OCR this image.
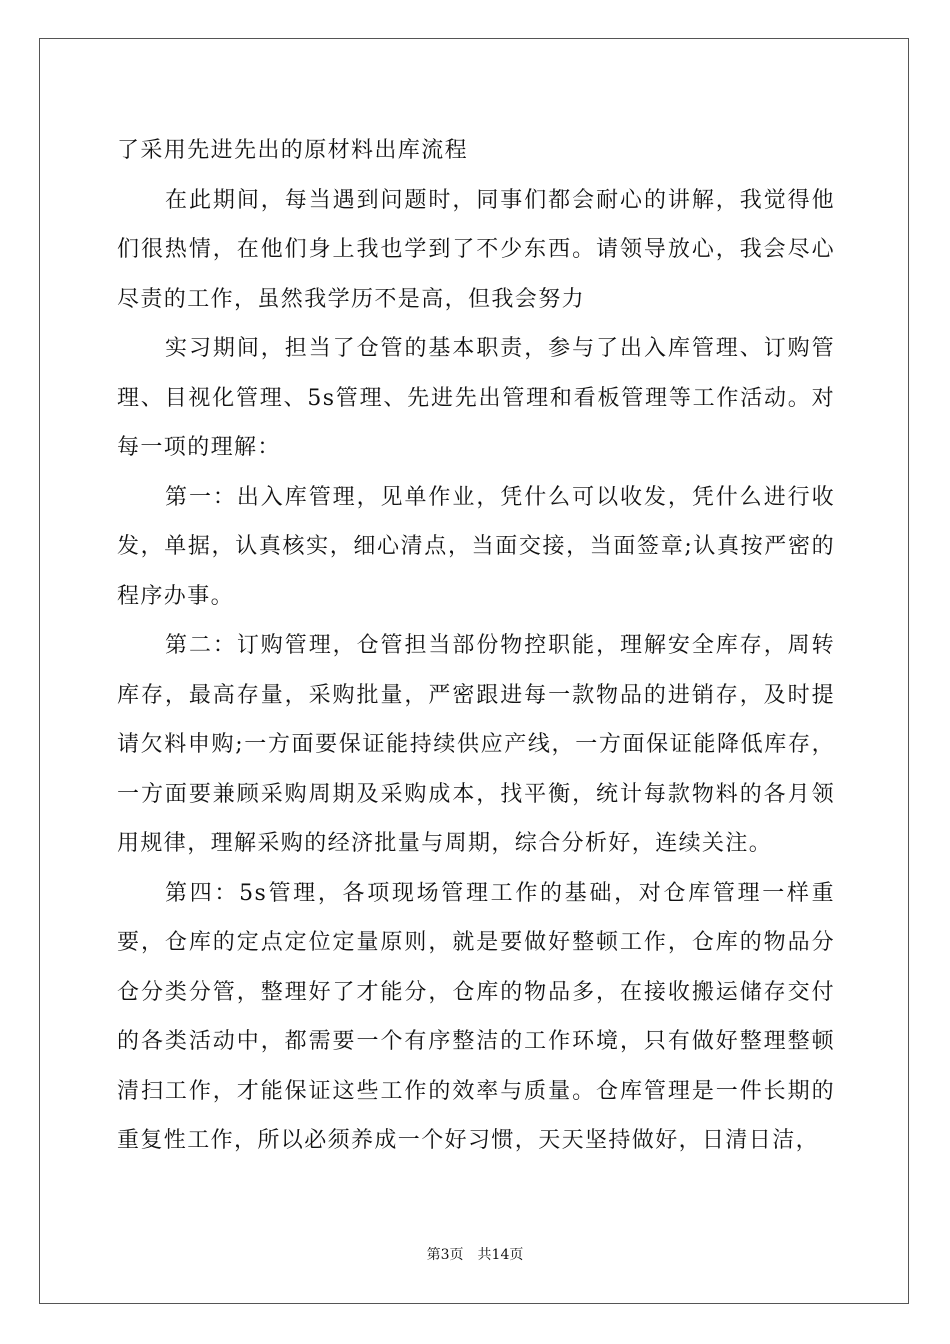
了采用先进先出的原材料出库流程

在此期间，每当遇到问题时，同事们都会耐心的讲解，我觉得他们很热情，在他们身上我也学到了不少东西。请领导放心，我会尽心尽责的工作，虽然我学历不是高，但我会努力

实习期间，担当了仓管的基本职责，参与了出入库管理、订购管理、目视化管理、5s管理、先进先出管理和看板管理等工作活动。对每一项的理解：

第一：出入库管理，见单作业，凭什么可以收发，凭什么进行收发，单据，认真核实，细心清点，当面交接，当面签章;认真按严密的程序办事。

第二：订购管理，仓管担当部份物控职能，理解安全库存，周转库存，最高存量，采购批量，严密跟进每一款物品的进销存，及时提请欠料申购;一方面要保证能持续供应产线，一方面保证能降低库存，一方面要兼顾采购周期及采购成本，找平衡，统计每款物料的各月领用规律，理解采购的经济批量与周期，综合分析好，连续关注。

第四：5s管理，各项现场管理工作的基础，对仓库管理一样重要，仓库的定点定位定量原则，就是要做好整顿工作，仓库的物品分仓分类分管，整理好了才能分，仓库的物品多，在接收搬运储存交付的各类活动中，都需要一个有序整洁的工作环境，只有做好整理整顿清扫工作，才能保证这些工作的效率与质量。仓库管理是一件长期的重复性工作，所以必须养成一个好习惯，天天坚持做好，日清日洁，

第3页 共14页
